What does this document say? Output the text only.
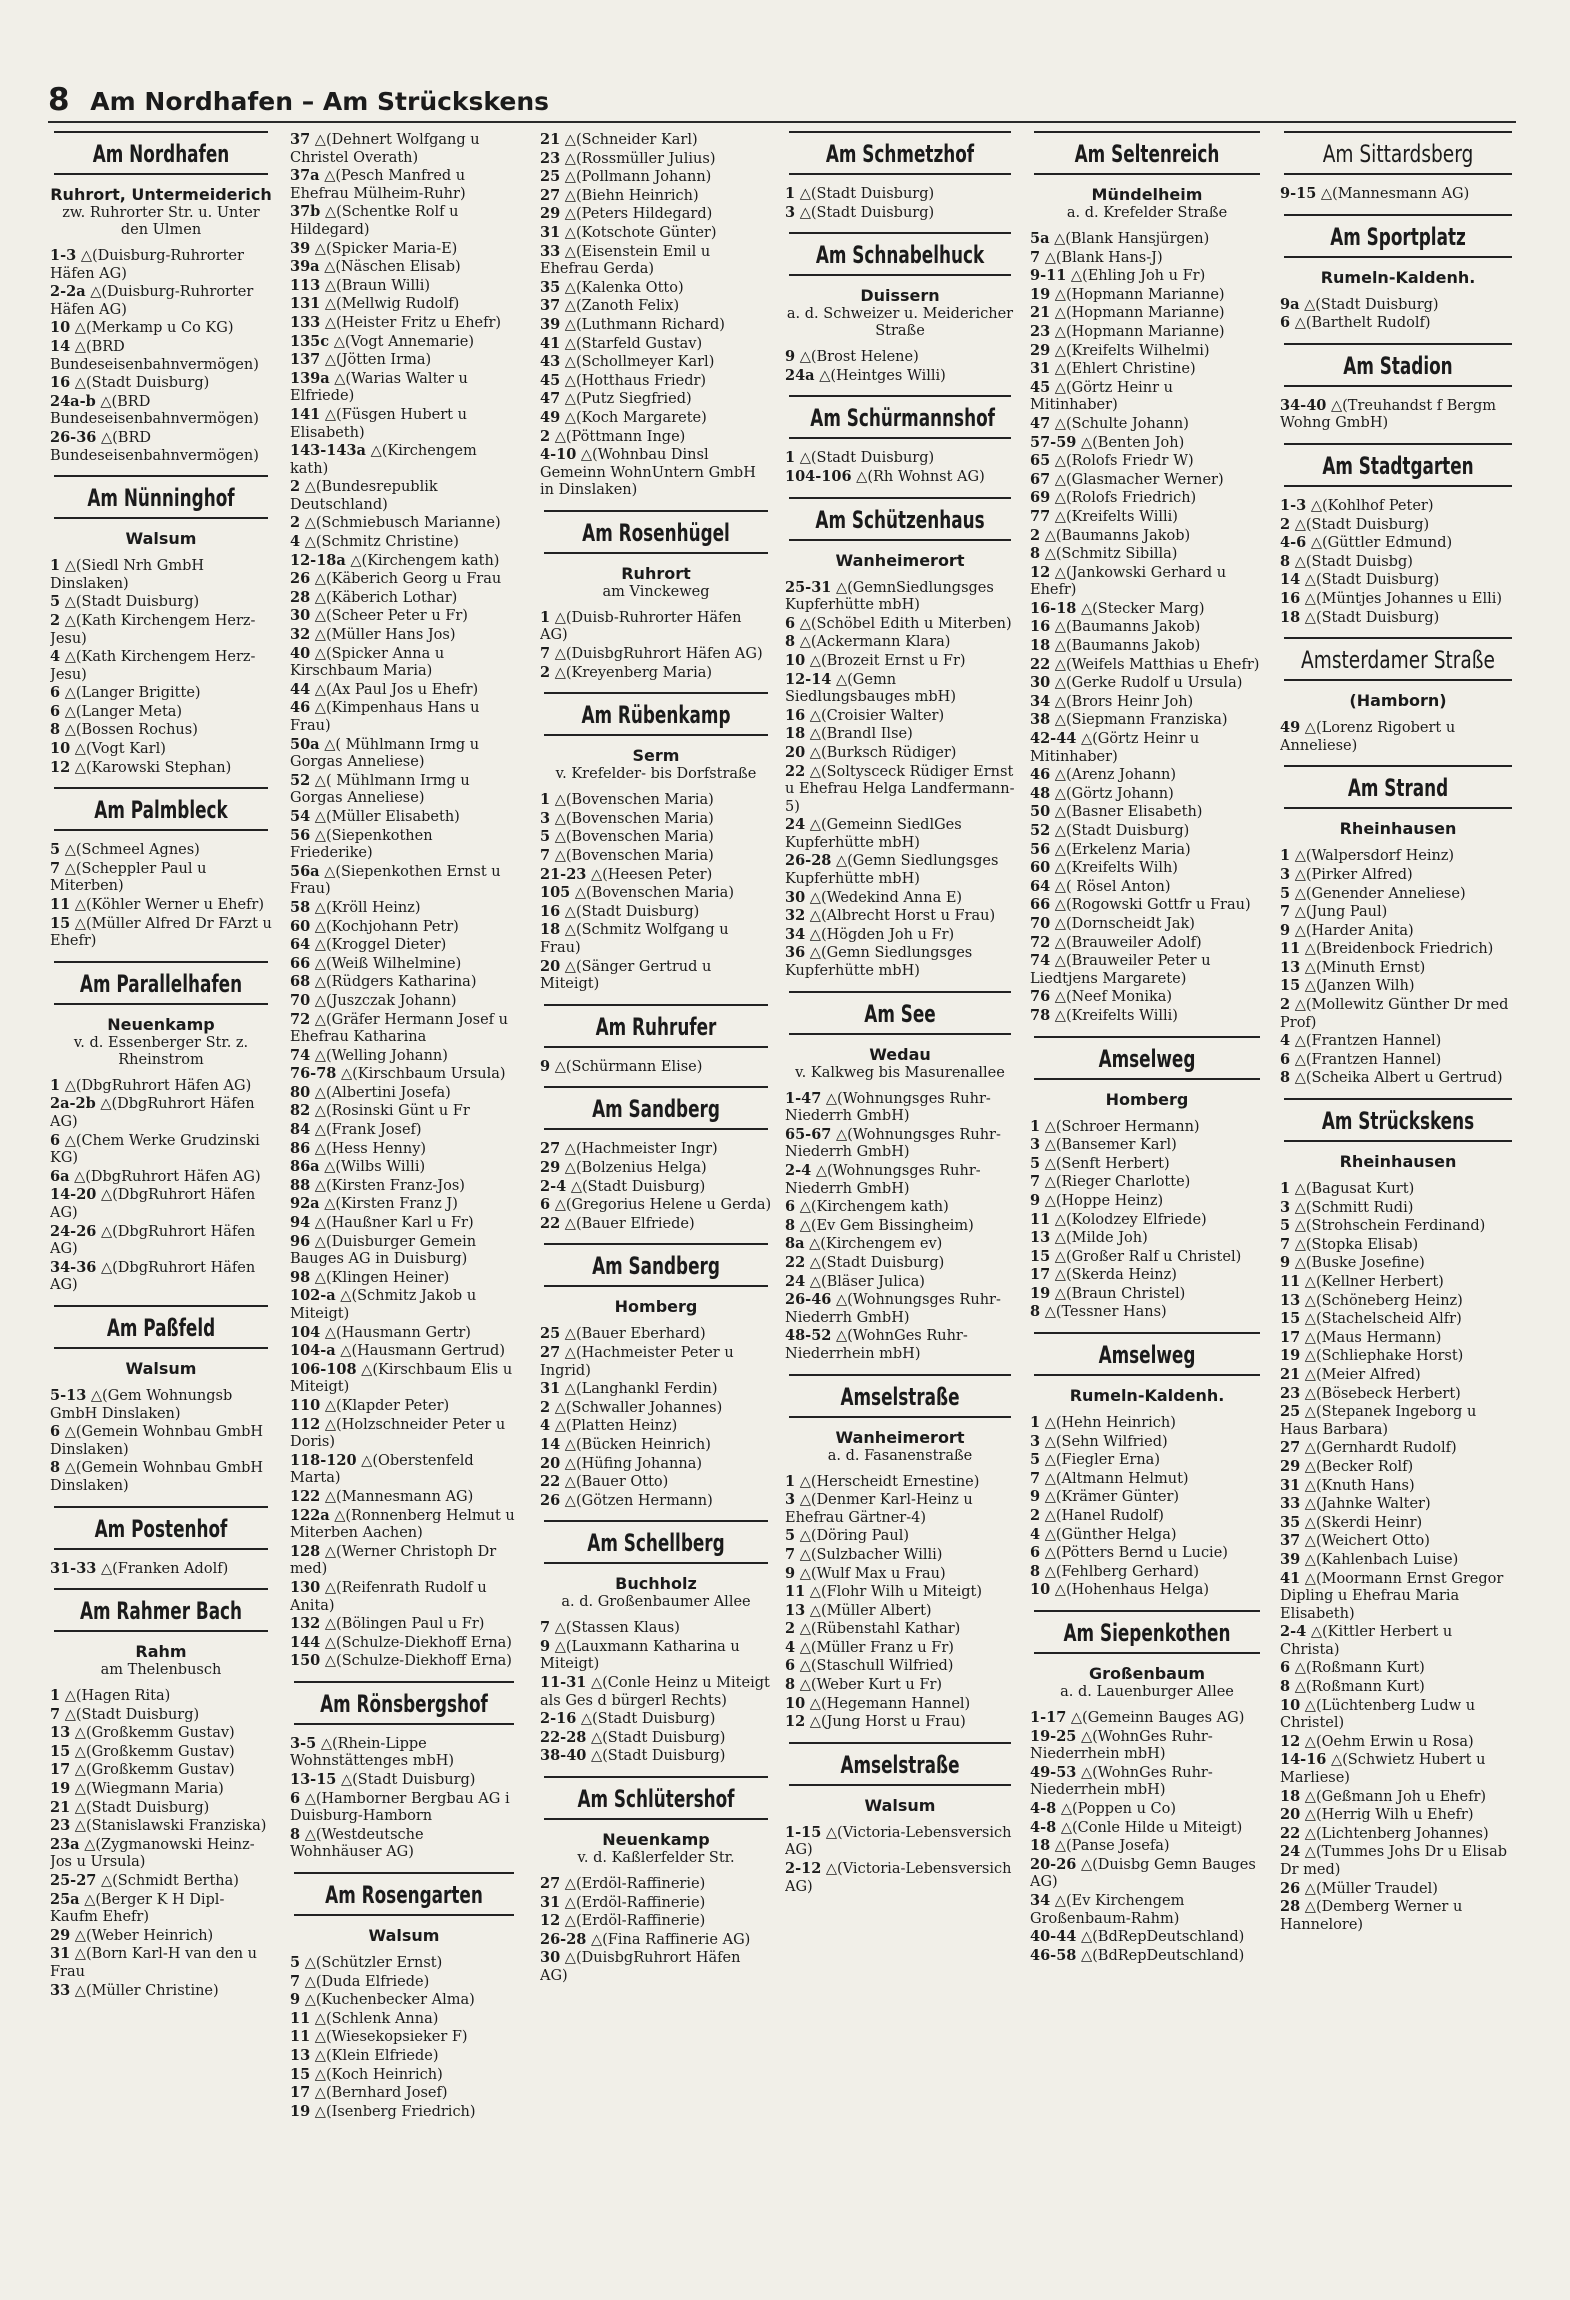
8 Am Nordhafen – Am Strückskens
Am Nordhafen
Ruhrort, Untermeiderich
zw. Ruhrorter Str. u. Unter den Ulmen
1-3 △(Duisburg-Ruhrorter Häfen AG)
2-2a △(Duisburg-Ruhrorter Häfen AG)
10 △(Merkamp u Co KG)
14 △(BRD Bundeseisenbahnvermögen)
16 △(Stadt Duisburg)
24a-b △(BRD Bundeseisenbahnvermögen)
26-36 △(BRD Bundeseisenbahnvermögen)
Am Nünninghof
Walsum
1 △(Siedl Nrh GmbH Dinslaken)
5 △(Stadt Duisburg)
2 △(Kath Kirchengem Herz-Jesu)
4 △(Kath Kirchengem Herz-Jesu)
6 △(Langer Brigitte)
6 △(Langer Meta)
8 △(Bossen Rochus)
10 △(Vogt Karl)
12 △(Karowski Stephan)
Am Palmbleck
5 △(Schmeel Agnes)
7 △(Scheppler Paul u Miterben)
11 △(Köhler Werner u Ehefr)
15 △(Müller Alfred Dr FArzt u Ehefr)
Am Parallelhafen
Neuenkamp
v. d. Essenberger Str. z. Rheinstrom
1 △(DbgRuhrort Häfen AG)
2a-2b △(DbgRuhrort Häfen AG)
6 △(Chem Werke Grudzinski KG)
6a △(DbgRuhrort Häfen AG)
14-20 △(DbgRuhrort Häfen AG)
24-26 △(DbgRuhrort Häfen AG)
34-36 △(DbgRuhrort Häfen AG)
Am Paßfeld
Walsum
5-13 △(Gem Wohnungsb GmbH Dinslaken)
6 △(Gemein Wohnbau GmbH Dinslaken)
8 △(Gemein Wohnbau GmbH Dinslaken)
Am Postenhof
31-33 △(Franken Adolf)
Am Rahmer Bach
Rahm
am Thelenbusch
1 △(Hagen Rita)
7 △(Stadt Duisburg)
13 △(Großkemm Gustav)
15 △(Großkemm Gustav)
17 △(Großkemm Gustav)
19 △(Wiegmann Maria)
21 △(Stadt Duisburg)
23 △(Stanislawski Franziska)
23a △(Zygmanowski Heinz-Jos u Ursula)
25-27 △(Schmidt Bertha)
25a △(Berger K H Dipl-Kaufm Ehefr)
29 △(Weber Heinrich)
31 △(Born Karl-H van den u Frau
33 △(Müller Christine)
37 △(Dehnert Wolfgang u Christel Overath)
37a △(Pesch Manfred u Ehefrau Mülheim-Ruhr)
37b △(Schentke Rolf u Hildegard)
39 △(Spicker Maria-E)
39a △(Näschen Elisab)
113 △(Braun Willi)
131 △(Mellwig Rudolf)
133 △(Heister Fritz u Ehefr)
135c △(Vogt Annemarie)
137 △(Jötten Irma)
139a △(Warias Walter u Elfriede)
141 △(Füsgen Hubert u Elisabeth)
143-143a △(Kirchengem kath)
2 △(Bundesrepublik Deutschland)
2 △(Schmiebusch Marianne)
4 △(Schmitz Christine)
12-18a △(Kirchengem kath)
26 △(Käberich Georg u Frau
28 △(Käberich Lothar)
30 △(Scheer Peter u Fr)
32 △(Müller Hans Jos)
40 △(Spicker Anna u Kirschbaum Maria)
44 △(Ax Paul Jos u Ehefr)
46 △(Kimpenhaus Hans u Frau)
50a △( Mühlmann Irmg u Gorgas Anneliese)
52 △( Mühlmann Irmg u Gorgas Anneliese)
54 △(Müller Elisabeth)
56 △(Siepenkothen Friederike)
56a △(Siepenkothen Ernst u Frau)
58 △(Kröll Heinz)
60 △(Kochjohann Petr)
64 △(Kroggel Dieter)
66 △(Weiß Wilhelmine)
68 △(Rüdgers Katharina)
70 △(Juszczak Johann)
72 △(Gräfer Hermann Josef u Ehefrau Katharina
74 △(Welling Johann)
76-78 △(Kirschbaum Ursula)
80 △(Albertini Josefa)
82 △(Rosinski Günt u Fr
84 △(Frank Josef)
86 △(Hess Henny)
86a △(Wilbs Willi)
88 △(Kirsten Franz-Jos)
92a △(Kirsten Franz J)
94 △(Haußner Karl u Fr)
96 △(Duisburger Gemein Bauges AG in Duisburg)
98 △(Klingen Heiner)
102-a △(Schmitz Jakob u Miteigt)
104 △(Hausmann Gertr)
104-a △(Hausmann Gertrud)
106-108 △(Kirschbaum Elis u Miteigt)
110 △(Klapder Peter)
112 △(Holzschneider Peter u Doris)
118-120 △(Oberstenfeld Marta)
122 △(Mannesmann AG)
122a △(Ronnenberg Helmut u Miterben Aachen)
128 △(Werner Christoph Dr med)
130 △(Reifenrath Rudolf u Anita)
132 △(Bölingen Paul u Fr)
144 △(Schulze-Diekhoff Erna)
150 △(Schulze-Diekhoff Erna)
Am Rönsbergshof
3-5 △(Rhein-Lippe Wohnstättenges mbH)
13-15 △(Stadt Duisburg)
6 △(Hamborner Bergbau AG i Duisburg-Hamborn
8 △(Westdeutsche Wohnhäuser AG)
Am Rosengarten
Walsum
5 △(Schützler Ernst)
7 △(Duda Elfriede)
9 △(Kuchenbecker Alma)
11 △(Schlenk Anna)
11 △(Wiesekopsieker F)
13 △(Klein Elfriede)
15 △(Koch Heinrich)
17 △(Bernhard Josef)
19 △(Isenberg Friedrich)
21 △(Schneider Karl)
23 △(Rossmüller Julius)
25 △(Pollmann Johann)
27 △(Biehn Heinrich)
29 △(Peters Hildegard)
31 △(Kotschote Günter)
33 △(Eisenstein Emil u Ehefrau Gerda)
35 △(Kalenka Otto)
37 △(Zanoth Felix)
39 △(Luthmann Richard)
41 △(Starfeld Gustav)
43 △(Schollmeyer Karl)
45 △(Hotthaus Friedr)
47 △(Putz Siegfried)
49 △(Koch Margarete)
2 △(Pöttmann Inge)
4-10 △(Wohnbau Dinsl Gemeinn WohnUntern GmbH in Dinslaken)
Am Rosenhügel
Ruhrort
am Vinckeweg
1 △(Duisb-Ruhrorter Häfen AG)
7 △(DuisbgRuhrort Häfen AG)
2 △(Kreyenberg Maria)
Am Rübenkamp
Serm
v. Krefelder- bis Dorfstraße
1 △(Bovenschen Maria)
3 △(Bovenschen Maria)
5 △(Bovenschen Maria)
7 △(Bovenschen Maria)
21-23 △(Heesen Peter)
105 △(Bovenschen Maria)
16 △(Stadt Duisburg)
18 △(Schmitz Wolfgang u Frau)
20 △(Sänger Gertrud u Miteigt)
Am Ruhrufer
9 △(Schürmann Elise)
Am Sandberg
27 △(Hachmeister Ingr)
29 △(Bolzenius Helga)
2-4 △(Stadt Duisburg)
6 △(Gregorius Helene u Gerda)
22 △(Bauer Elfriede)
Am Sandberg
Homberg
25 △(Bauer Eberhard)
27 △(Hachmeister Peter u Ingrid)
31 △(Langhankl Ferdin)
2 △(Schwaller Johannes)
4 △(Platten Heinz)
14 △(Bücken Heinrich)
20 △(Hüfing Johanna)
22 △(Bauer Otto)
26 △(Götzen Hermann)
Am Schellberg
Buchholz
a. d. Großenbaumer Allee
7 △(Stassen Klaus)
9 △(Lauxmann Katharina u Miteigt)
11-31 △(Conle Heinz u Miteigt als Ges d bürgerl Rechts)
2-16 △(Stadt Duisburg)
22-28 △(Stadt Duisburg)
38-40 △(Stadt Duisburg)
Am Schlütershof
Neuenkamp
v. d. Kaßlerfelder Str.
27 △(Erdöl-Raffinerie)
31 △(Erdöl-Raffinerie)
12 △(Erdöl-Raffinerie)
26-28 △(Fina Raffinerie AG)
30 △(DuisbgRuhrort Häfen AG)
Am Schmetzhof
1 △(Stadt Duisburg)
3 △(Stadt Duisburg)
Am Schnabelhuck
Duissern
a. d. Schweizer u. Meidericher Straße
9 △(Brost Helene)
24a △(Heintges Willi)
Am Schürmannshof
1 △(Stadt Duisburg)
104-106 △(Rh Wohnst AG)
Am Schützenhaus
Wanheimerort
25-31 △(GemnSiedlungsges Kupferhütte mbH)
6 △(Schöbel Edith u Miterben)
8 △(Ackermann Klara)
10 △(Brozeit Ernst u Fr)
12-14 △(Gemn Siedlungsbauges mbH)
16 △(Croisier Walter)
18 △(Brandl Ilse)
20 △(Burksch Rüdiger)
22 △(Soltysceck Rüdiger Ernst u Ehefrau Helga Landfermann-5)
24 △(Gemeinn SiedlGes Kupferhütte mbH)
26-28 △(Gemn Siedlungsges Kupferhütte mbH)
30 △(Wedekind Anna E)
32 △(Albrecht Horst u Frau)
34 △(Högden Joh u Fr)
36 △(Gemn Siedlungsges Kupferhütte mbH)
Am See
Wedau
v. Kalkweg bis Masurenallee
1-47 △(Wohnungsges Ruhr-Niederrh GmbH)
65-67 △(Wohnungsges Ruhr-Niederrh GmbH)
2-4 △(Wohnungsges Ruhr-Niederrh GmbH)
6 △(Kirchengem kath)
8 △(Ev Gem Bissingheim)
8a △(Kirchengem ev)
22 △(Stadt Duisburg)
24 △(Bläser Julica)
26-46 △(Wohnungsges Ruhr-Niederrh GmbH)
48-52 △(WohnGes Ruhr-Niederrhein mbH)
Amselstraße
Wanheimerort
a. d. Fasanenstraße
1 △(Herscheidt Ernestine)
3 △(Denmer Karl-Heinz u Ehefrau Gärtner-4)
5 △(Döring Paul)
7 △(Sulzbacher Willi)
9 △(Wulf Max u Frau)
11 △(Flohr Wilh u Miteigt)
13 △(Müller Albert)
2 △(Rübenstahl Kathar)
4 △(Müller Franz u Fr)
6 △(Staschull Wilfried)
8 △(Weber Kurt u Fr)
10 △(Hegemann Hannel)
12 △(Jung Horst u Frau)
Amselstraße
Walsum
1-15 △(Victoria-Lebensversich AG)
2-12 △(Victoria-Lebensversich AG)
Am Seltenreich
Mündelheim
a. d. Krefelder Straße
5a △(Blank Hansjürgen)
7 △(Blank Hans-J)
9-11 △(Ehling Joh u Fr)
19 △(Hopmann Marianne)
21 △(Hopmann Marianne)
23 △(Hopmann Marianne)
29 △(Kreifelts Wilhelmi)
31 △(Ehlert Christine)
45 △(Görtz Heinr u Mitinhaber)
47 △(Schulte Johann)
57-59 △(Benten Joh)
65 △(Rolofs Friedr W)
67 △(Glasmacher Werner)
69 △(Rolofs Friedrich)
77 △(Kreifelts Willi)
2 △(Baumanns Jakob)
8 △(Schmitz Sibilla)
12 △(Jankowski Gerhard u Ehefr)
16-18 △(Stecker Marg)
16 △(Baumanns Jakob)
18 △(Baumanns Jakob)
22 △(Weifels Matthias u Ehefr)
30 △(Gerke Rudolf u Ursula)
34 △(Brors Heinr Joh)
38 △(Siepmann Franziska)
42-44 △(Görtz Heinr u Mitinhaber)
46 △(Arenz Johann)
48 △(Görtz Johann)
50 △(Basner Elisabeth)
52 △(Stadt Duisburg)
56 △(Erkelenz Maria)
60 △(Kreifelts Wilh)
64 △( Rösel Anton)
66 △(Rogowski Gottfr u Frau)
70 △(Dornscheidt Jak)
72 △(Brauweiler Adolf)
74 △(Brauweiler Peter u Liedtjens Margarete)
76 △(Neef Monika)
78 △(Kreifelts Willi)
Amselweg
Homberg
1 △(Schroer Hermann)
3 △(Bansemer Karl)
5 △(Senft Herbert)
7 △(Rieger Charlotte)
9 △(Hoppe Heinz)
11 △(Kolodzey Elfriede)
13 △(Milde Joh)
15 △(Großer Ralf u Christel)
17 △(Skerda Heinz)
19 △(Braun Christel)
8 △(Tessner Hans)
Amselweg
Rumeln-Kaldenh.
1 △(Hehn Heinrich)
3 △(Sehn Wilfried)
5 △(Fiegler Erna)
7 △(Altmann Helmut)
9 △(Krämer Günter)
2 △(Hanel Rudolf)
4 △(Günther Helga)
6 △(Pötters Bernd u Lucie)
8 △(Fehlberg Gerhard)
10 △(Hohenhaus Helga)
Am Siepenkothen
Großenbaum
a. d. Lauenburger Allee
1-17 △(Gemeinn Bauges AG)
19-25 △(WohnGes Ruhr-Niederrhein mbH)
49-53 △(WohnGes Ruhr-Niederrhein mbH)
4-8 △(Poppen u Co)
4-8 △(Conle Hilde u Miteigt)
18 △(Panse Josefa)
20-26 △(Duisbg Gemn Bauges AG)
34 △(Ev Kirchengem Großenbaum-Rahm)
40-44 △(BdRepDeutschland)
46-58 △(BdRepDeutschland)
Am Sittardsberg
9-15 △(Mannesmann AG)
Am Sportplatz
Rumeln-Kaldenh.
9a △(Stadt Duisburg)
6 △(Barthelt Rudolf)
Am Stadion
34-40 △(Treuhandst f Bergm Wohng GmbH)
Am Stadtgarten
1-3 △(Kohlhof Peter)
2 △(Stadt Duisburg)
4-6 △(Güttler Edmund)
8 △(Stadt Duisbg)
14 △(Stadt Duisburg)
16 △(Müntjes Johannes u Elli)
18 △(Stadt Duisburg)
Amsterdamer Straße
(Hamborn)
49 △(Lorenz Rigobert u Anneliese)
Am Strand
Rheinhausen
1 △(Walpersdorf Heinz)
3 △(Pirker Alfred)
5 △(Genender Anneliese)
7 △(Jung Paul)
9 △(Harder Anita)
11 △(Breidenbock Friedrich)
13 △(Minuth Ernst)
15 △(Janzen Wilh)
2 △(Mollewitz Günther Dr med Prof)
4 △(Frantzen Hannel)
6 △(Frantzen Hannel)
8 △(Scheika Albert u Gertrud)
Am Strückskens
Rheinhausen
1 △(Bagusat Kurt)
3 △(Schmitt Rudi)
5 △(Strohschein Ferdinand)
7 △(Stopka Elisab)
9 △(Buske Josefine)
11 △(Kellner Herbert)
13 △(Schöneberg Heinz)
15 △(Stachelscheid Alfr)
17 △(Maus Hermann)
19 △(Schliephake Horst)
21 △(Meier Alfred)
23 △(Bösebeck Herbert)
25 △(Stepanek Ingeborg u Haus Barbara)
27 △(Gernhardt Rudolf)
29 △(Becker Rolf)
31 △(Knuth Hans)
33 △(Jahnke Walter)
35 △(Skerdi Heinr)
37 △(Weichert Otto)
39 △(Kahlenbach Luise)
41 △(Moormann Ernst Gregor Dipling u Ehefrau Maria Elisabeth)
2-4 △(Kittler Herbert u Christa)
6 △(Roßmann Kurt)
8 △(Roßmann Kurt)
10 △(Lüchtenberg Ludw u Christel)
12 △(Oehm Erwin u Rosa)
14-16 △(Schwietz Hubert u Marliese)
18 △(Geßmann Joh u Ehefr)
20 △(Herrig Wilh u Ehefr)
22 △(Lichtenberg Johannes)
24 △(Tummes Johs Dr u Elisab Dr med)
26 △(Müller Traudel)
28 △(Demberg Werner u Hannelore)
